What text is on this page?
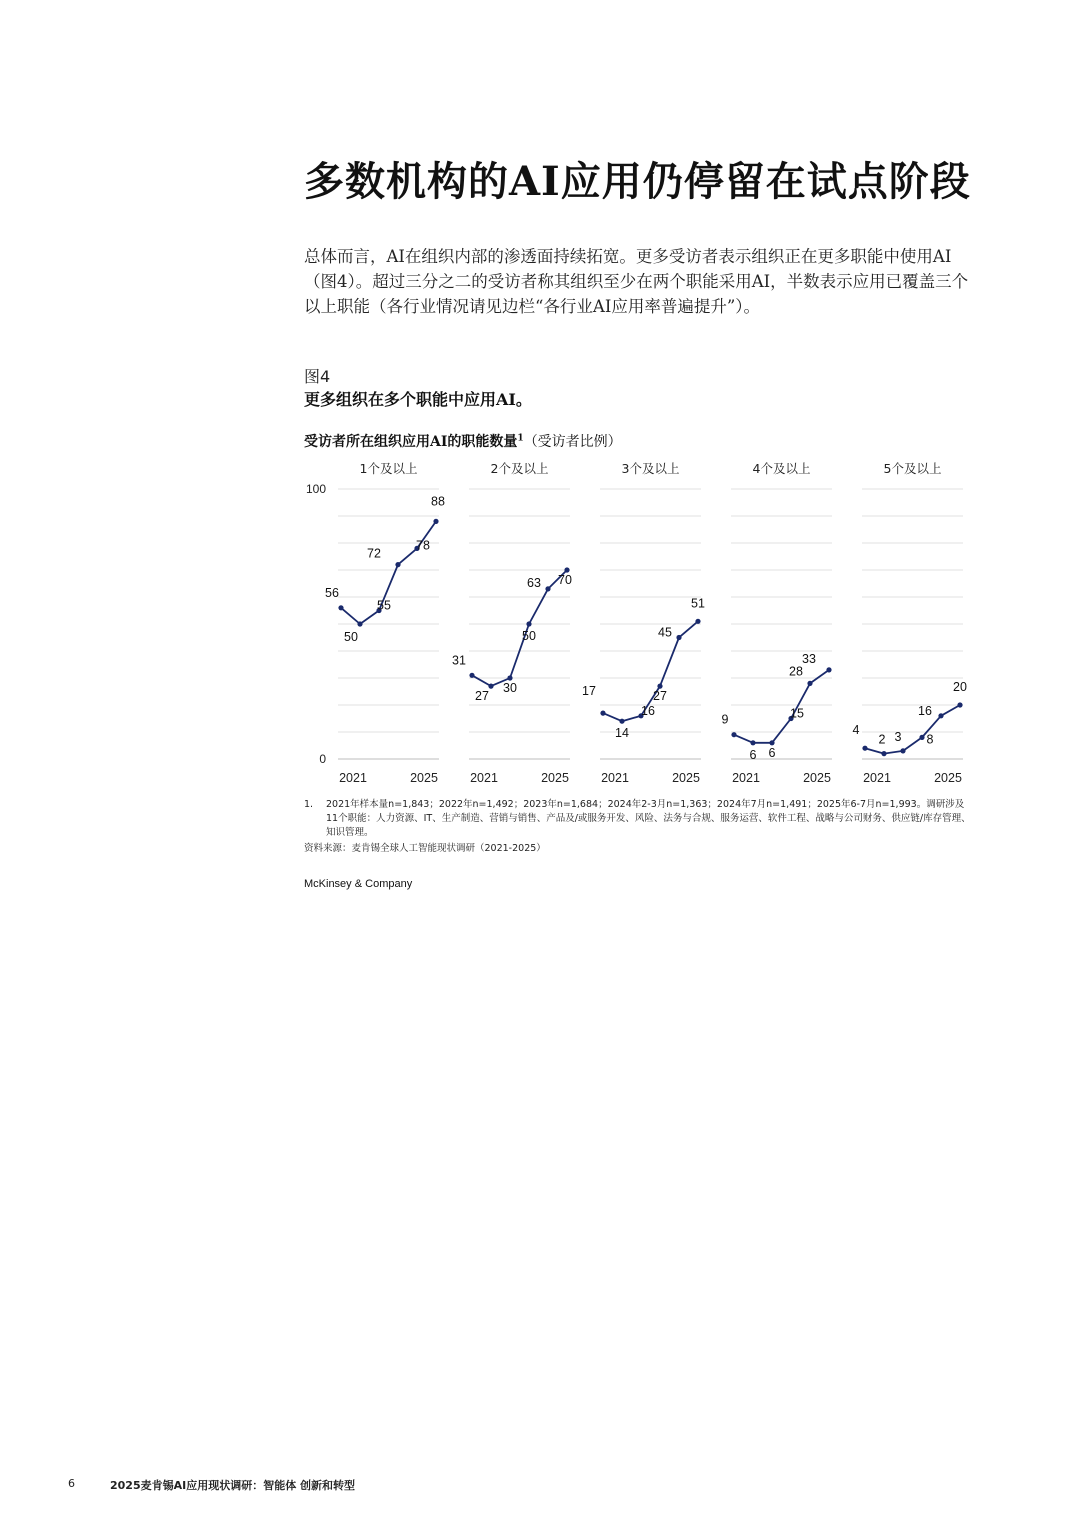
多数机构的AI应用仍停留在试点阶段
总体而言，AI在组织内部的渗透面持续拓宽。更多受访者表示组织正在更多职能中使用AI（图4）。超过三分之二的受访者称其组织至少在两个职能采用AI，半数表示应用已覆盖三个以上职能（各行业情况请见边栏“各行业AI应用率普遍提升”）。
图4
更多组织在多个职能中应用AI。
受访者所在组织应用AI的职能数量$^1$（受访者比例）
100
0
1个及以上
56
50
55
72
78
88
2021	2025
2个及以上
31
27
30
50
63 70
2021	2025
3个及以上
17
14
16
27
45
51
2021	2025
4个及以上
9
6 6
15
28
33
2021	2025
5个及以上
4
2 3 8
16
20
2021	2025
1. 2021年样本量n=1,843；2022年n=1,492；2023年n=1,684；2024年2-3月n=1,363；2024年7月n=1,491；2025年6-7月n=1,993。调研涉及11个职能：人力资源、IT、生产制造、营销与销售、产品及/或服务开发、风险、法务与合规、服务运营、软件工程、战略与公司财务、供应链/库存管理、知识管理。
资料来源：麦肯锡全球人工智能现状调研（2021-2025）
McKinsey & Company
6	2025麦肯锡AI应用现状调研：智能体 创新和转型
